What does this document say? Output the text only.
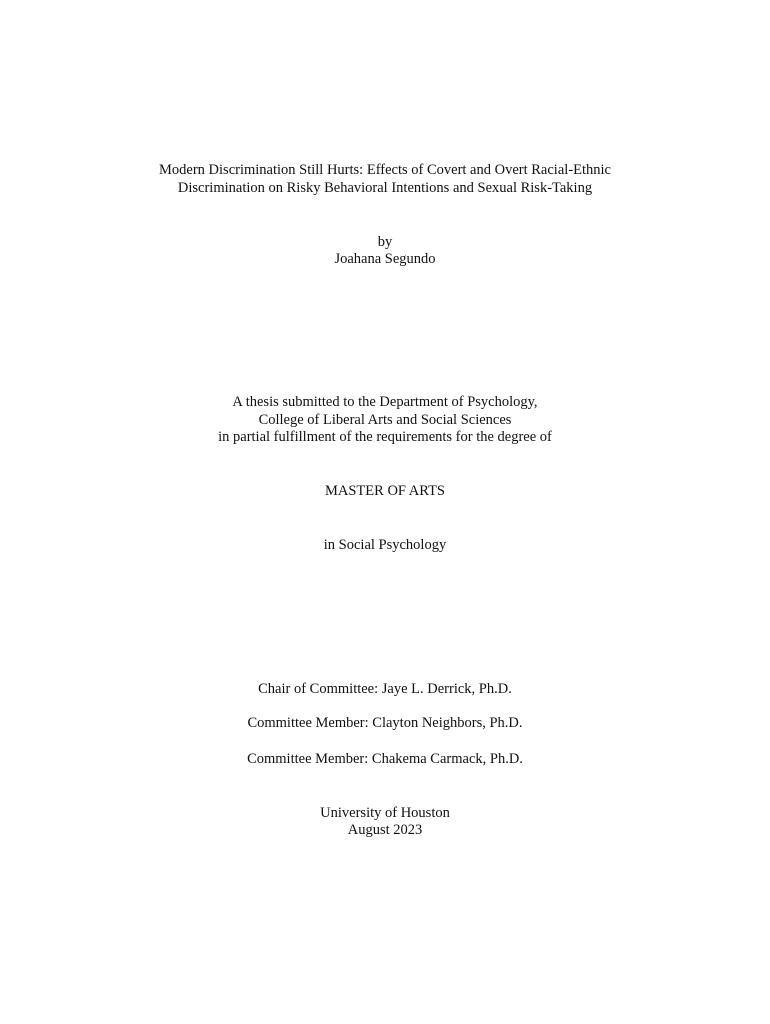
Modern Discrimination Still Hurts: Effects of Covert and Overt Racial-Ethnic
Discrimination on Risky Behavioral Intentions and Sexual Risk-Taking
by
Joahana Segundo
A thesis submitted to the Department of Psychology,
College of Liberal Arts and Social Sciences
in partial fulfillment of the requirements for the degree of
MASTER OF ARTS
in Social Psychology
Chair of Committee: Jaye L. Derrick, Ph.D.
Committee Member: Clayton Neighbors, Ph.D.
Committee Member: Chakema Carmack, Ph.D.
University of Houston
August 2023
